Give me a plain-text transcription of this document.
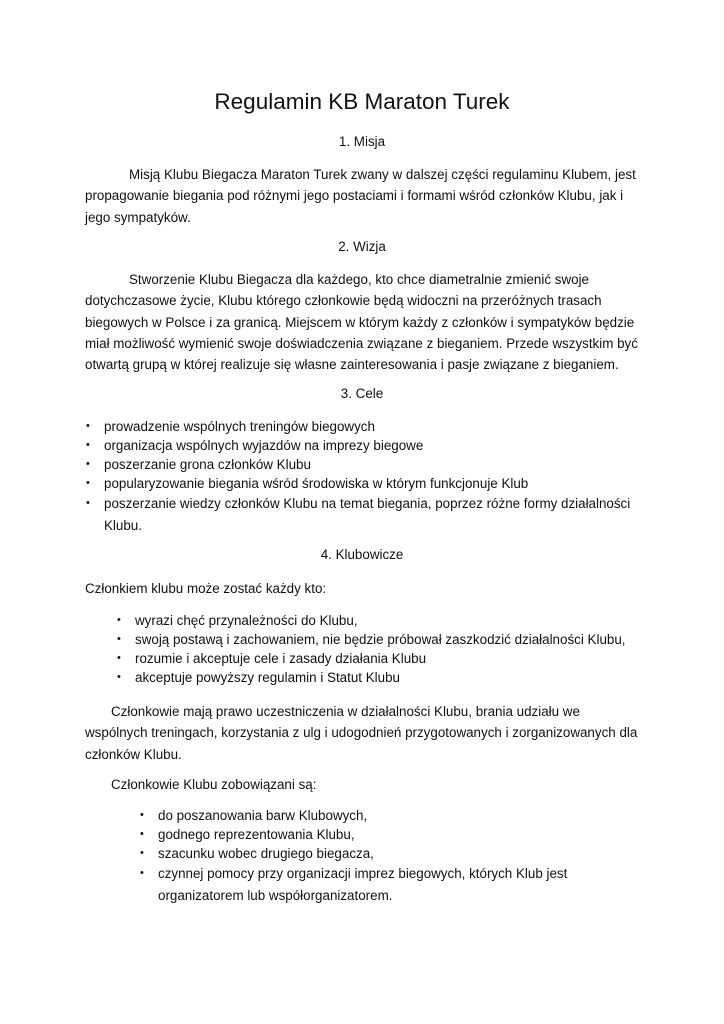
Regulamin KB Maraton Turek

1. Misja

Misją Klubu Biegacza Maraton Turek zwany w dalszej części regulaminu Klubem, jest propagowanie biegania pod różnymi jego postaciami i formami wśród członków Klubu, jak i jego sympatyków.

2. Wizja

Stworzenie Klubu Biegacza dla każdego, kto chce diametralnie zmienić swoje dotychczasowe życie, Klubu którego członkowie będą widoczni na przeróżnych trasach biegowych w Polsce i za granicą. Miejscem w którym każdy z członków i sympatyków będzie miał możliwość wymienić swoje doświadczenia związane z bieganiem. Przede wszystkim być otwartą grupą w której realizuje się własne zainteresowania i pasje związane z bieganiem.

3. Cele

•	prowadzenie wspólnych treningów biegowych
•	organizacja wspólnych wyjazdów na imprezy biegowe
•	poszerzanie grona członków Klubu
•	popularyzowanie biegania wśród środowiska w którym funkcjonuje Klub
•	poszerzanie wiedzy członków Klubu na temat biegania, poprzez różne formy działalności Klubu.

4. Klubowicze

Członkiem klubu może zostać każdy kto:

•	wyrazi chęć przynależności do Klubu,
•	swoją postawą i zachowaniem, nie będzie próbował zaszkodzić działalności Klubu,
•	rozumie i akceptuje cele i zasady działania Klubu
•	akceptuje powyższy regulamin i Statut Klubu

Członkowie mają prawo uczestniczenia w działalności Klubu, brania udziału we wspólnych treningach, korzystania z ulg i udogodnień przygotowanych i zorganizowanych dla członków Klubu.

Członkowie Klubu zobowiązani są:

•	do poszanowania barw Klubowych,
•	godnego reprezentowania Klubu,
•	szacunku wobec drugiego biegacza,
•	czynnej pomocy przy organizacji imprez biegowych, których Klub jest organizatorem lub współorganizatorem.
